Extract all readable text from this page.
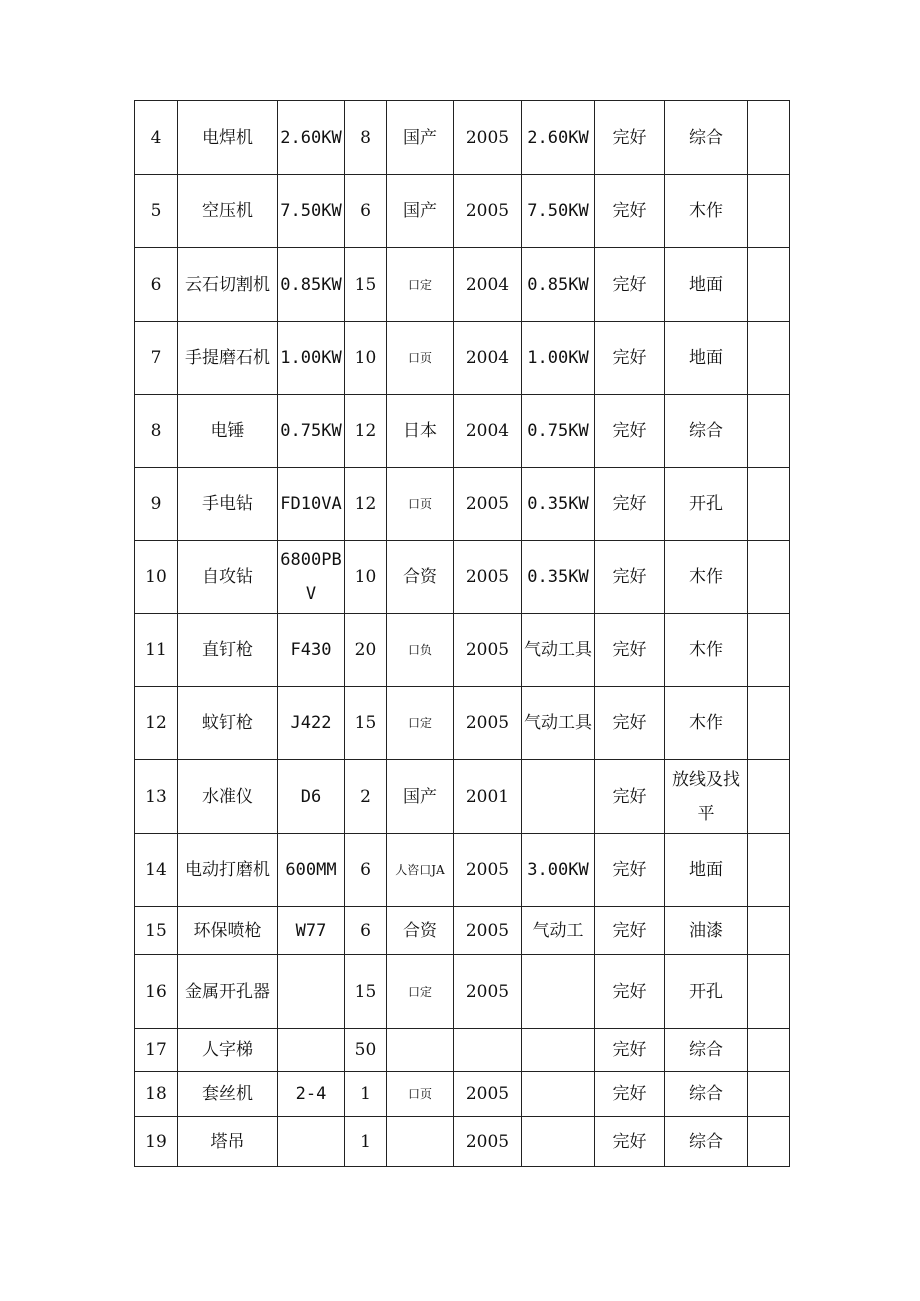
4	电焊机	2.60KW	8	国产	2005	2.60KW	完好	综合	

5	空压机	7.50KW	6	国产	2005	7.50KW	完好	木作	

6	云石切割机	0.85KW	15	口定	2004	0.85KW	完好	地面	

7	手提磨石机	1.00KW	10	口页	2004	1.00KW	完好	地面	

8	电锤	0.75KW	12	日本	2004	0.75KW	完好	综合	

9	手电钻	FD10VA	12	口页	2005	0.35KW	完好	开孔	

10	自攻钻	6800PBV	10	合资	2005	0.35KW	完好	木作	

11	直钉枪	F430	20	口负	2005	气动工具	完好	木作	

12	蚊钉枪	J422	15	口定	2005	气动工具	完好	木作	

13	水准仪	D6	2	国产	2001		完好	放线及找平	

14	电动打磨机	600MM	6	人咨口JA	2005	3.00KW	完好	地面	

15	环保喷枪	W77	6	合资	2005	气动工	完好	油漆	

16	金属开孔器		15	口定	2005		完好	开孔	

17	人字梯		50				完好	综合	

18	套丝机	2-4	1	口页	2005		完好	综合	

19	塔吊		1		2005		完好	综合	
